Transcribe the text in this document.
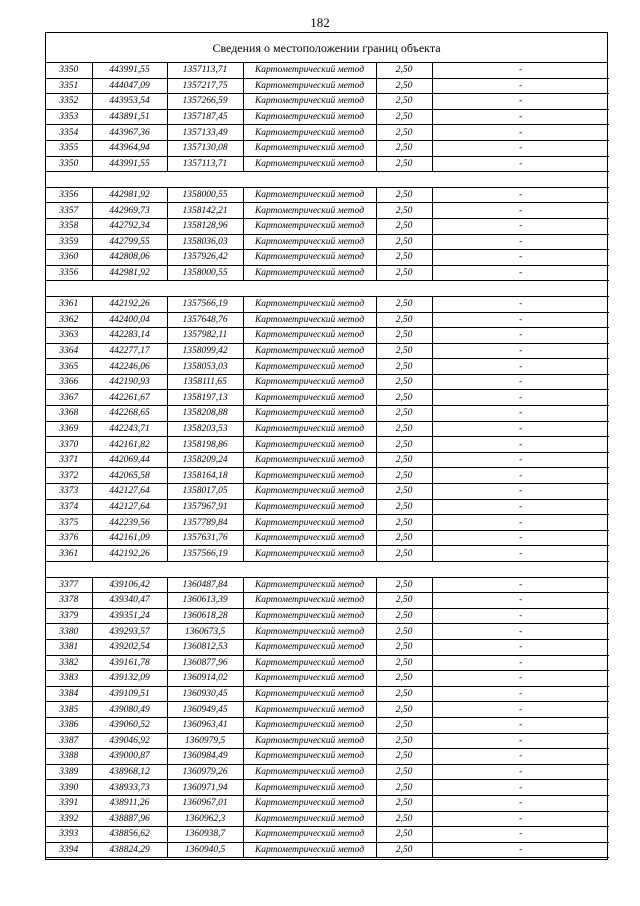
182
Сведения о местоположении границ объекта
3350	443991,55	1357113,71	Картометрический метод	2,50	-
3351	444047,09	1357217,75	Картометрический метод	2,50	-
3352	443953,54	1357266,59	Картометрический метод	2,50	-
3353	443891,51	1357187,45	Картометрический метод	2,50	-
3354	443967,36	1357133,49	Картометрический метод	2,50	-
3355	443964,94	1357130,08	Картометрический метод	2,50	-
3350	443991,55	1357113,71	Картометрический метод	2,50	-

3356	442981,92	1358000,55	Картометрический метод	2,50	-
3357	442969,73	1358142,21	Картометрический метод	2,50	-
3358	442792,34	1358128,96	Картометрический метод	2,50	-
3359	442799,55	1358036,03	Картометрический метод	2,50	-
3360	442808,06	1357926,42	Картометрический метод	2,50	-
3356	442981,92	1358000,55	Картометрический метод	2,50	-

3361	442192,26	1357566,19	Картометрический метод	2,50	-
3362	442400,04	1357648,76	Картометрический метод	2,50	-
3363	442283,14	1357982,11	Картометрический метод	2,50	-
3364	442277,17	1358099,42	Картометрический метод	2,50	-
3365	442246,06	1358053,03	Картометрический метод	2,50	-
3366	442190,93	1358111,65	Картометрический метод	2,50	-
3367	442261,67	1358197,13	Картометрический метод	2,50	-
3368	442268,65	1358208,88	Картометрический метод	2,50	-
3369	442243,71	1358203,53	Картометрический метод	2,50	-
3370	442161,82	1358198,86	Картометрический метод	2,50	-
3371	442069,44	1358209,24	Картометрический метод	2,50	-
3372	442065,58	1358164,18	Картометрический метод	2,50	-
3373	442127,64	1358017,05	Картометрический метод	2,50	-
3374	442127,64	1357967,91	Картометрический метод	2,50	-
3375	442239,56	1357789,84	Картометрический метод	2,50	-
3376	442161,09	1357631,76	Картометрический метод	2,50	-
3361	442192,26	1357566,19	Картометрический метод	2,50	-

3377	439106,42	1360487,84	Картометрический метод	2,50	-
3378	439340,47	1360613,39	Картометрический метод	2,50	-
3379	439351,24	1360618,28	Картометрический метод	2,50	-
3380	439293,57	1360673,5	Картометрический метод	2,50	-
3381	439202,54	1360812,53	Картометрический метод	2,50	-
3382	439161,78	1360877,96	Картометрический метод	2,50	-
3383	439132,09	1360914,02	Картометрический метод	2,50	-
3384	439109,51	1360930,45	Картометрический метод	2,50	-
3385	439080,49	1360949,45	Картометрический метод	2,50	-
3386	439060,52	1360963,41	Картометрический метод	2,50	-
3387	439046,92	1360979,5	Картометрический метод	2,50	-
3388	439000,87	1360984,49	Картометрический метод	2,50	-
3389	438968,12	1360979,26	Картометрический метод	2,50	-
3390	438933,73	1360971,94	Картометрический метод	2,50	-
3391	438911,26	1360967,01	Картометрический метод	2,50	-
3392	438887,96	1360962,3	Картометрический метод	2,50	-
3393	438856,62	1360938,7	Картометрический метод	2,50	-
3394	438824,29	1360940,5	Картометрический метод	2,50	-
